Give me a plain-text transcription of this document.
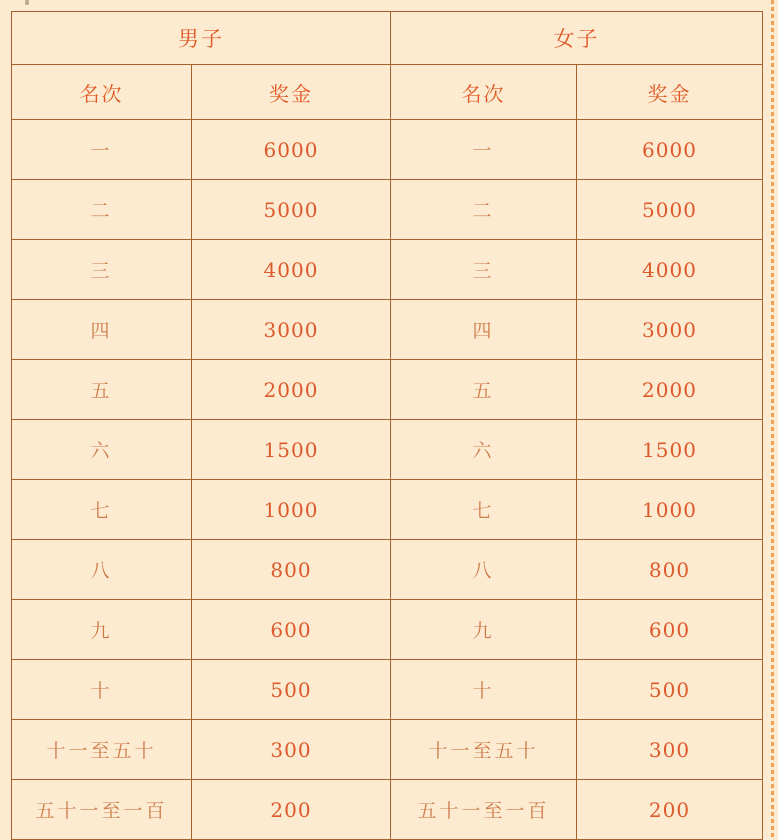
男子		女子	
名次	奖金	名次	奖金
一	6000	一	6000
二	5000	二	5000
三	4000	三	4000
四	3000	四	3000
五	2000	五	2000
六	1500	六	1500
七	1000	七	1000
八	800	八	800
九	600	九	600
十	500	十	500
十一至五十	300	十一至五十	300
五十一至一百	200	五十一至一百	200
